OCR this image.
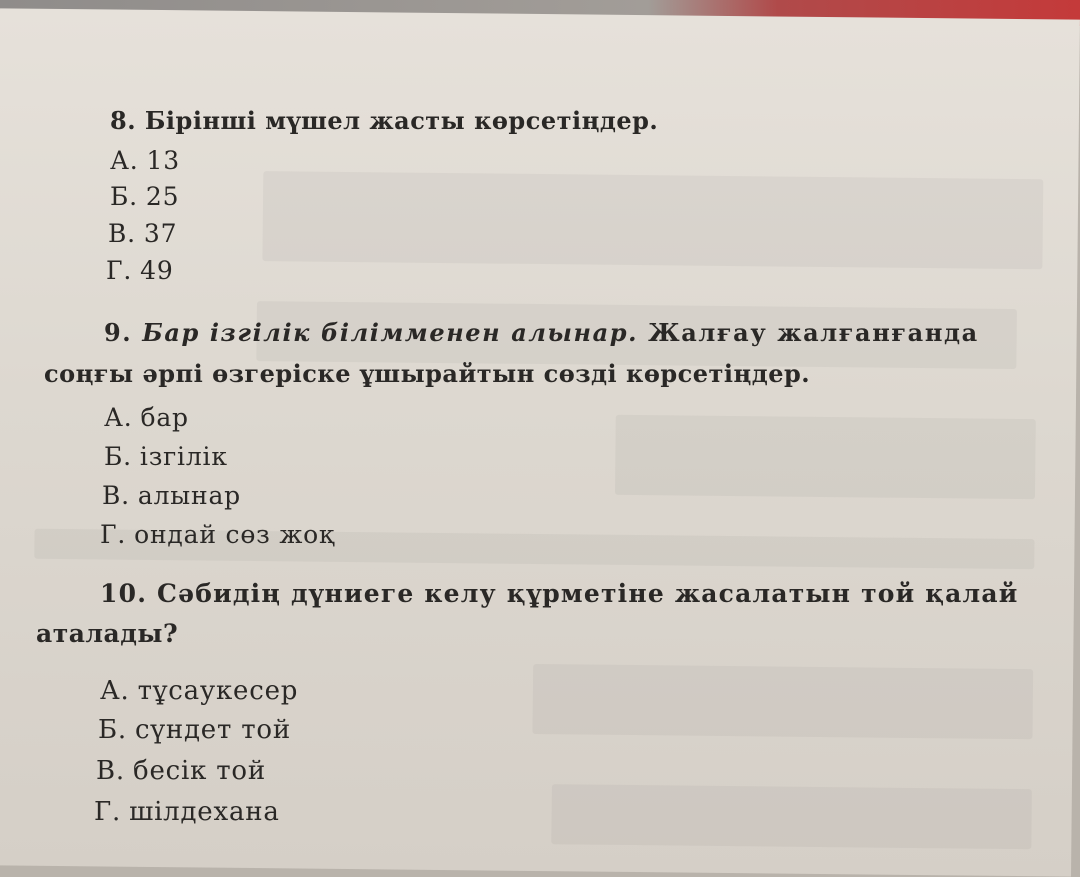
8. Бірінші мүшел жасты көрсетіңдер.
А. 13
Б. 25
В. 37
Г. 49
9. Бар ізгілік білімменен алынар. Жалғау жалғанғанда
соңғы әрпі өзгеріске ұшырайтын сөзді көрсетіңдер.
А. бар
Б. ізгілік
В. алынар
Г. ондай сөз жоқ
10. Сәбидің дүниеге келу құрметіне жасалатын той қалай
аталады?
А. тұсаукесер
Б. сүндет той
В. бесік той
Г. шілдехана
